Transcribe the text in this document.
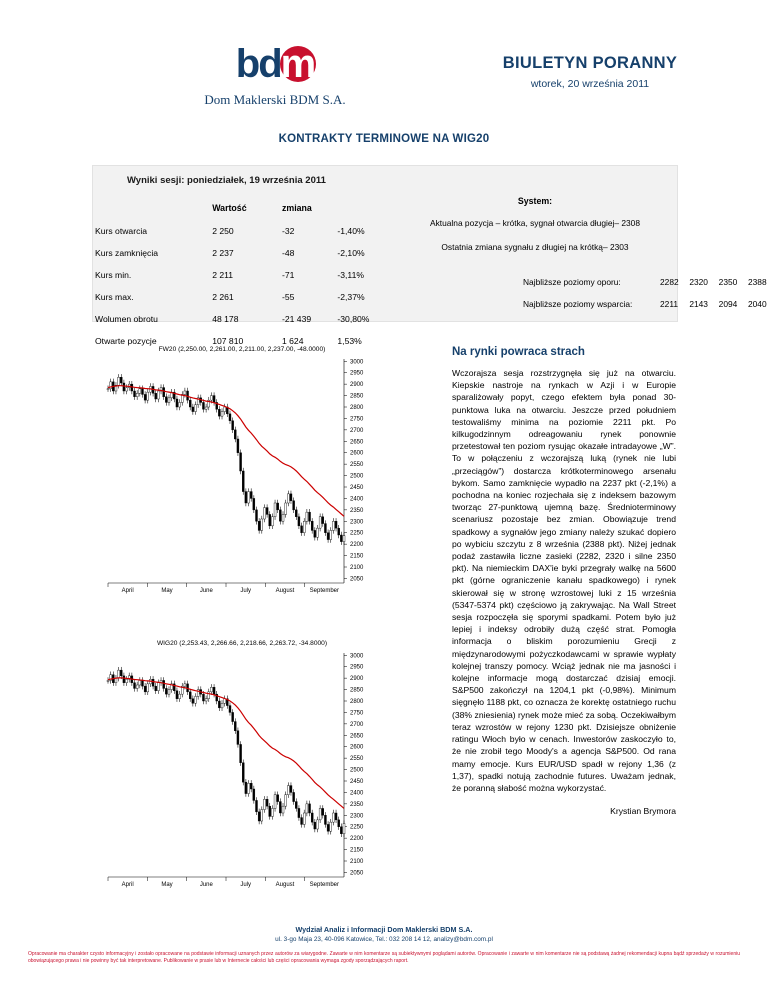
bd
m
Dom Maklerski BDM S.A.
BIULETYN PORANNY
wtorek, 20 września 2011
KONTRAKTY TERMINOWE NA WIG20
Wyniki sesji: poniedziałek, 19 września 2011
	Wartość	zmiana	
Kurs otwarcia	2 250	-32	-1,40%
Kurs zamknięcia	2 237	-48	-2,10%
Kurs min.	2 211	-71	-3,11%
Kurs max.	2 261	-55	-2,37%
Wolumen obrotu	48 178	-21 439	-30,80%
Otwarte pozycje	107 810	1 624	1,53%
System:
Aktualna pozycja – krótka, sygnał otwarcia długiej– 2308
Ostatnia zmiana sygnału z długiej na krótką– 2303
Najbliższe poziomy oporu:	2282 2320 2350 2388
Najbliższe poziomy wsparcia:	2211 2143 2094 2040
FW20 (2,250.00, 2,261.00, 2,211.00, 2,237.00, -48.0000)
2050
2100
2150
2200
2250
2300
2350
2400
2450
2500
2550
2600
2650
2700
2750
2800
2850
2900
2950
3000
April	May	June	July	August	September
WIG20 (2,253.43, 2,266.66, 2,218.66, 2,263.72, -34.8000)
2050
2100
2150
2200
2250
2300
2350
2400
2450
2500
2550
2600
2650
2700
2750
2800
2850
2900
2950
3000
April	May	June	July	August	September
Na rynki powraca strach
Wczorajsza sesja rozstrzygnęła się już na otwarciu. Kiepskie nastroje na rynkach w Azji i w Europie sparaliżowały popyt, czego efektem była ponad 30-punktowa luka na otwarciu. Jeszcze przed południem testowaliśmy minima na poziomie 2211 pkt. Po kilkugodzinnym odreagowaniu rynek ponownie przetestował ten poziom rysując okazałe intradayowe „W”. To w połączeniu z wczorajszą luką (rynek nie lubi „przeciągów”) dostarcza krótkoterminowego arsenału bykom. Samo zamknięcie wypadło na 2237 pkt (-2,1%) a pochodna na koniec rozjechała się z indeksem bazowym tworząc 27-punktową ujemną bazę. Średnioterminowy scenariusz pozostaje bez zmian. Obowiązuje trend spadkowy a sygnałów jego zmiany należy szukać dopiero po wybiciu szczytu z 8 września (2388 pkt). Niżej jednak podaż zastawiła liczne zasieki (2282, 2320 i silne 2350 pkt). Na niemieckim DAX'ie byki przegrały walkę na 5600 pkt (górne ograniczenie kanału spadkowego) i rynek skierował się w stronę wzrostowej luki z 15 września (5347-5374 pkt) częściowo ją zakrywając. Na Wall Street sesja rozpoczęła się sporymi spadkami. Potem było już lepiej i indeksy odrobiły dużą część strat. Pomogła informacja o bliskim porozumieniu Grecji z międzynarodowymi pożyczkodawcami w sprawie wypłaty kolejnej transzy pomocy. Wciąż jednak nie ma jasności i kolejne informacje mogą dostarczać dzisiaj emocji. S&P500 zakończył na 1204,1 pkt (-0,98%). Minimum sięgnęło 1188 pkt, co oznacza że korektę ostatniego ruchu (38% zniesienia) rynek może mieć za sobą. Oczekiwałbym teraz wzrostów w rejony 1230 pkt. Dzisiejsze obniżenie ratingu Włoch było w cenach. Inwestorów zaskoczyło to, że nie zrobił tego Moody's a agencja S&P500. Od rana mamy emocje. Kurs EUR/USD spadł w rejony 1,36 (z 1,37), spadki notują zachodnie futures. Uważam jednak, że poranną słabość można wykorzystać.
Krystian Brymora
Wydział Analiz i Informacji Dom Maklerski BDM S.A.
ul. 3-go Maja 23, 40-096 Katowice, Tel.: 032 208 14 12, analizy@bdm.com.pl
Opracowanie ma charakter czysto informacyjny i zostało opracowane na podstawie informacji uznanych przez autorów za wiarygodne. Zawarte w nim komentarze są subiektywnymi poglądami autorów. Opracowanie i zawarte w nim komentarze nie są podstawą żadnej rekomendacji kupna bądź sprzedaży w rozumieniu obowiązującego prawa i nie powinny być tak interpretowane. Publikowanie w prasie lub w Internecie całości lub części opracowania wymaga zgody sporządzających raport.
